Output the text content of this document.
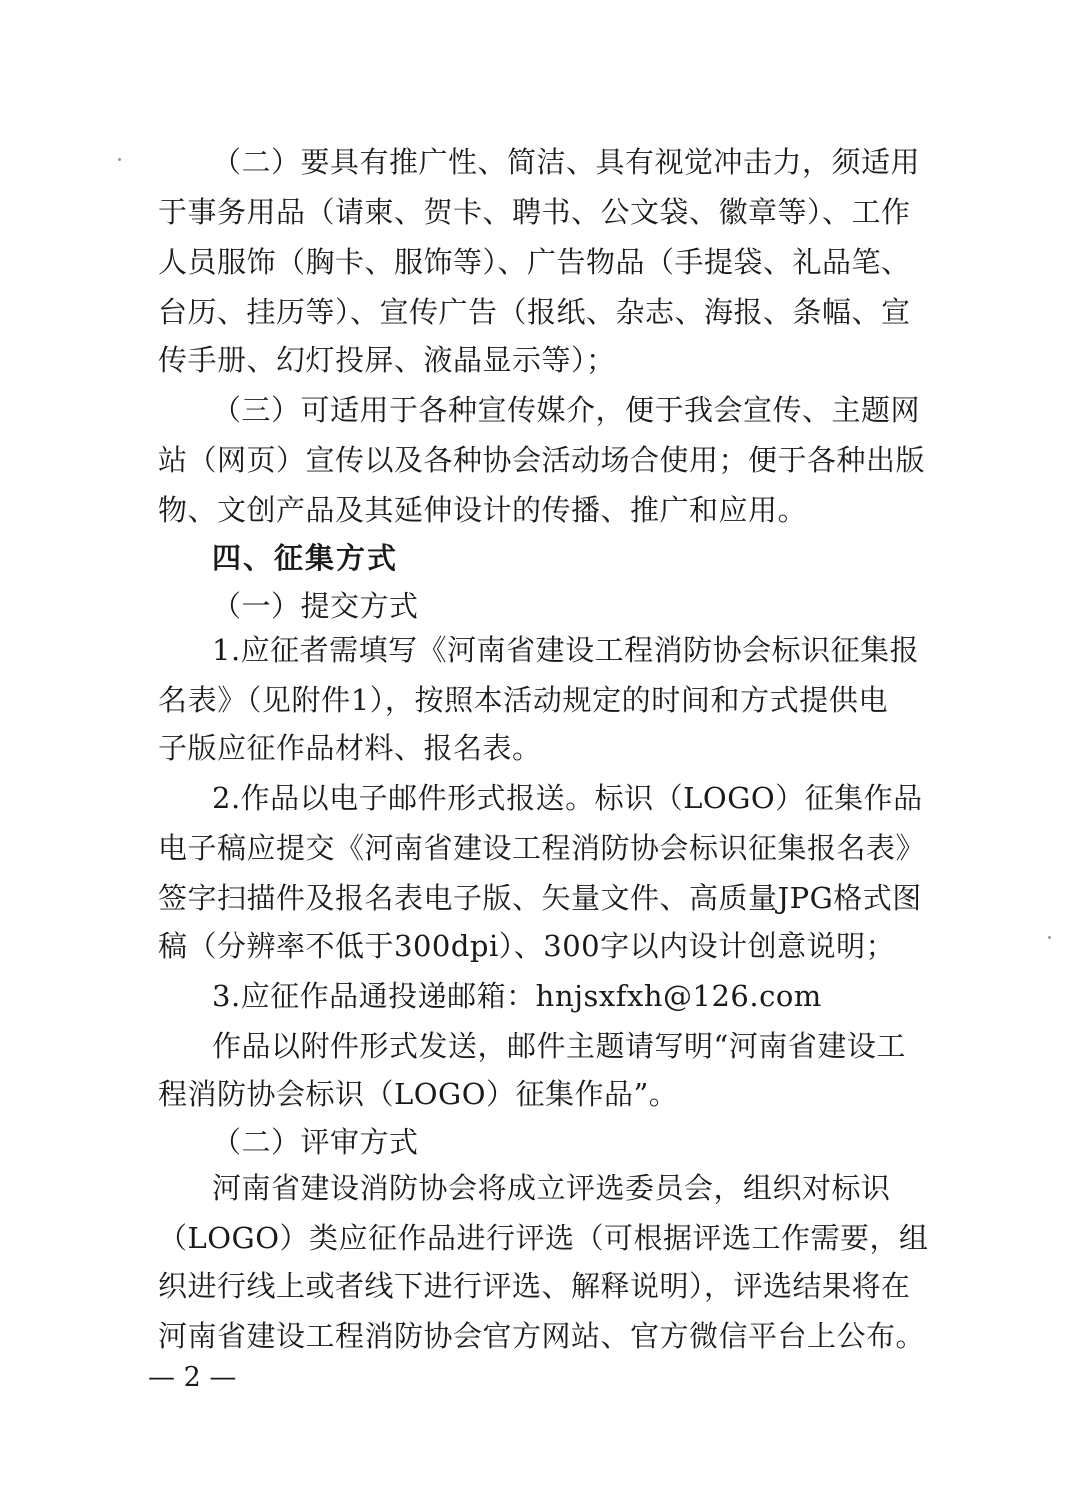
（二）要具有推广性、简洁、具有视觉冲击力，须适用
于事务用品（请柬、贺卡、聘书、公文袋、徽章等）、工作
人员服饰（胸卡、服饰等）、广告物品（手提袋、礼品笔、
台历、挂历等）、宣传广告（报纸、杂志、海报、条幅、宣
传手册、幻灯投屏、液晶显示等）；
（三）可适用于各种宣传媒介，便于我会宣传、主题网
站（网页）宣传以及各种协会活动场合使用；便于各种出版
物、文创产品及其延伸设计的传播、推广和应用。
四、征集方式
（一）提交方式
1.应征者需填写《河南省建设工程消防协会标识征集报
名表》（见附件1），按照本活动规定的时间和方式提供电
子版应征作品材料、报名表。
2.作品以电子邮件形式报送。标识（LOGO）征集作品
电子稿应提交《河南省建设工程消防协会标识征集报名表》
签字扫描件及报名表电子版、矢量文件、高质量JPG格式图
稿（分辨率不低于300dpi）、300字以内设计创意说明；
3.应征作品通投递邮箱：hnjsxfxh@126.com
作品以附件形式发送，邮件主题请写明“河南省建设工
程消防协会标识（LOGO）征集作品”。
（二）评审方式
河南省建设消防协会将成立评选委员会，组织对标识
（LOGO）类应征作品进行评选（可根据评选工作需要，组
织进行线上或者线下进行评选、解释说明），评选结果将在
河南省建设工程消防协会官方网站、官方微信平台上公布。
— 2 —
